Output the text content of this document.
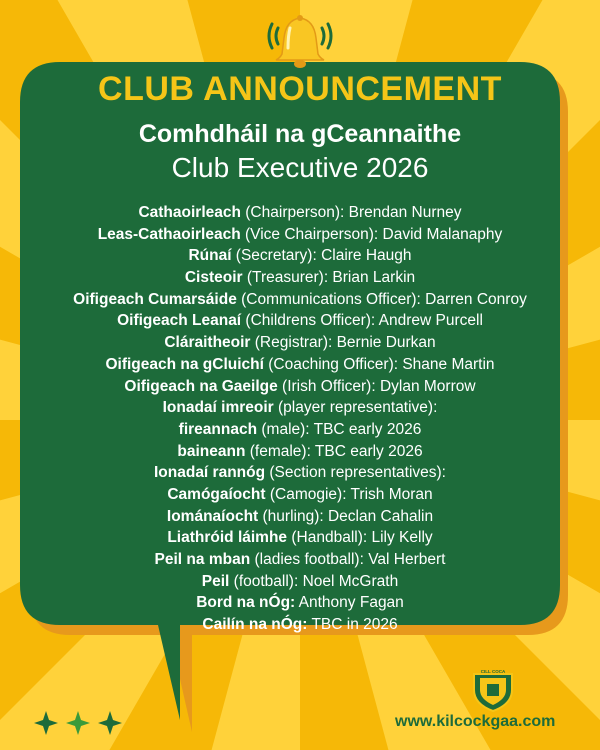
CLUB ANNOUNCEMENT
Comhdháil na gCeannaithe
Club Executive 2026
Cathaoirleach (Chairperson): Brendan Nurney
Leas-Cathaoirleach (Vice Chairperson): David Malanaphy
Rúnaí (Secretary): Claire Haugh
Cisteoir (Treasurer): Brian Larkin
Oifigeach Cumarsáide (Communications Officer): Darren Conroy
Oifigeach Leanaí (Childrens Officer): Andrew Purcell
Cláraitheoir (Registrar): Bernie Durkan
Oifigeach na gCluichí (Coaching Officer): Shane Martin
Oifigeach na Gaeilge (Irish Officer): Dylan Morrow
Ionadaí imreoir (player representative):
fireannach (male): TBC early 2026
baineann (female): TBC early 2026
Ionadaí rannóg (Section representatives):
Camógaíocht (Camogie): Trish Moran
Iománaíocht (hurling): Declan Cahalin
Liathróid láimhe (Handball): Lily Kelly
Peil na mban (ladies football): Val Herbert
Peil (football): Noel McGrath
Bord na nÓg: Anthony Fagan
Cailín na nÓg: TBC in 2026
CILL COCA
www.kilcockgaa.com
